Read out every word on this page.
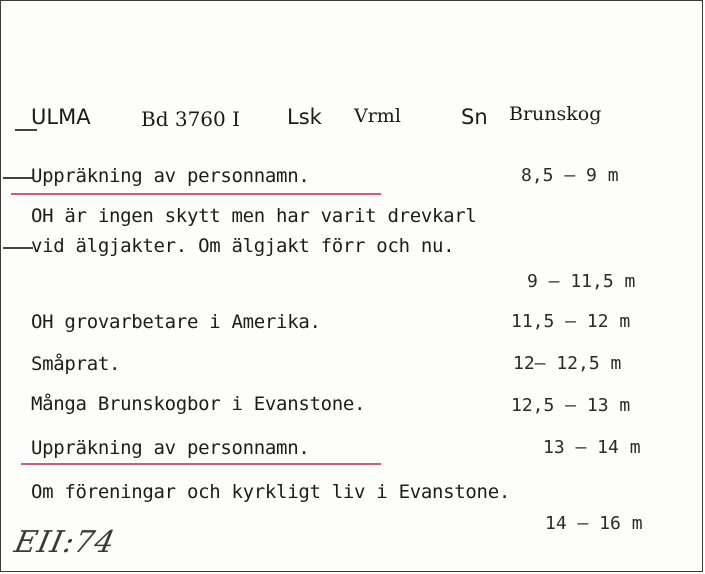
ULMA	Bd 3760 I Lsk Vrml	Sn Brunskog
Uppräkning av personnamn.	8,5 – 9 m
OH är ingen skytt men har varit drevkarl
vid älgjakter. Om älgjakt förr och nu.
9 – 11,5 m
OH grovarbetare i Amerika.	11,5 – 12 m
Småprat.	12– 12,5 m
Många Brunskogbor i Evanstone.	12,5 – 13 m
Uppräkning av personnamn.	13 – 14 m
Om föreningar och kyrkligt liv i Evanstone.
14 – 16 m
EII:74
